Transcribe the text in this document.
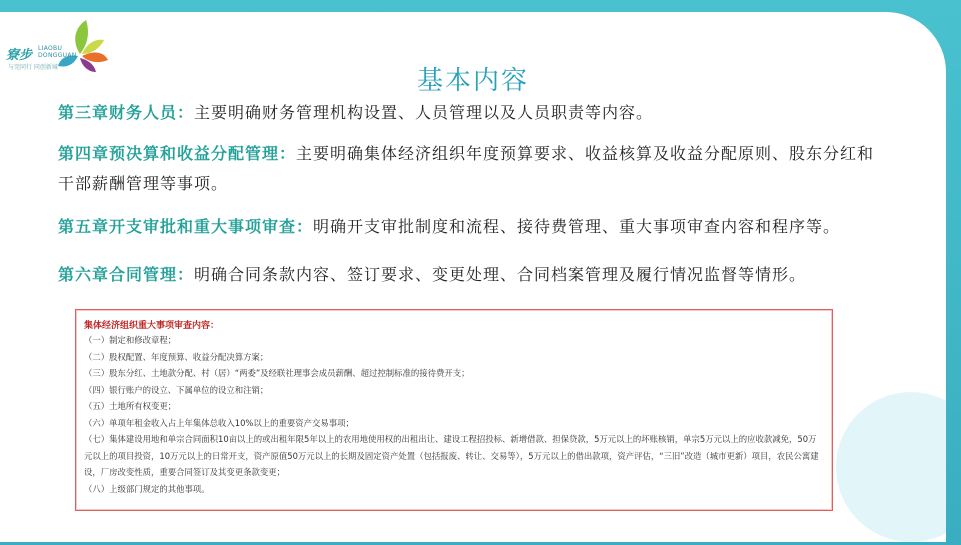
寮步 LIAOBU
DONGGUAN
与莞同行 同创新城	基本内容
第三章财务人员：主要明确财务管理机构设置、人员管理以及人员职责等内容。
第四章预决算和收益分配管理：主要明确集体经济组织年度预算要求、收益核算及收益分配原则、股东分红和干部薪酬管理等事项。
第五章开支审批和重大事项审查：明确开支审批制度和流程、接待费管理、重大事项审查内容和程序等。
第六章合同管理：明确合同条款内容、签订要求、变更处理、合同档案管理及履行情况监督等情形。
集体经济组织重大事项审查内容：
（一）制定和修改章程；
（二）股权配置、年度预算、收益分配决算方案；
（三）股东分红、土地款分配、村（居）“两委”及经联社理事会成员薪酬、超过控制标准的接待费开支；
（四）银行账户的设立、下属单位的设立和注销；
（五）土地所有权变更；
（六）单项年租金收入占上年集体总收入10%以上的重要资产交易事项；
（七）集体建设用地和单宗合同面积10亩以上的或出租年限5年以上的农用地使用权的出租出让、建设工程招投标、新增借款、担保贷款，5万元以上的坏账核销，单宗5万元以上的应收款减免，50万元以上的项目投资，10万元以上的日常开支，资产原值50万元以上的长期及固定资产处置（包括报废、转让、交易等），5万元以上的借出款项，资产评估，“三旧”改造（城市更新）项目，农民公寓建设，厂房改变性质，重要合同签订及其变更条款变更；
（八）上级部门规定的其他事项。
